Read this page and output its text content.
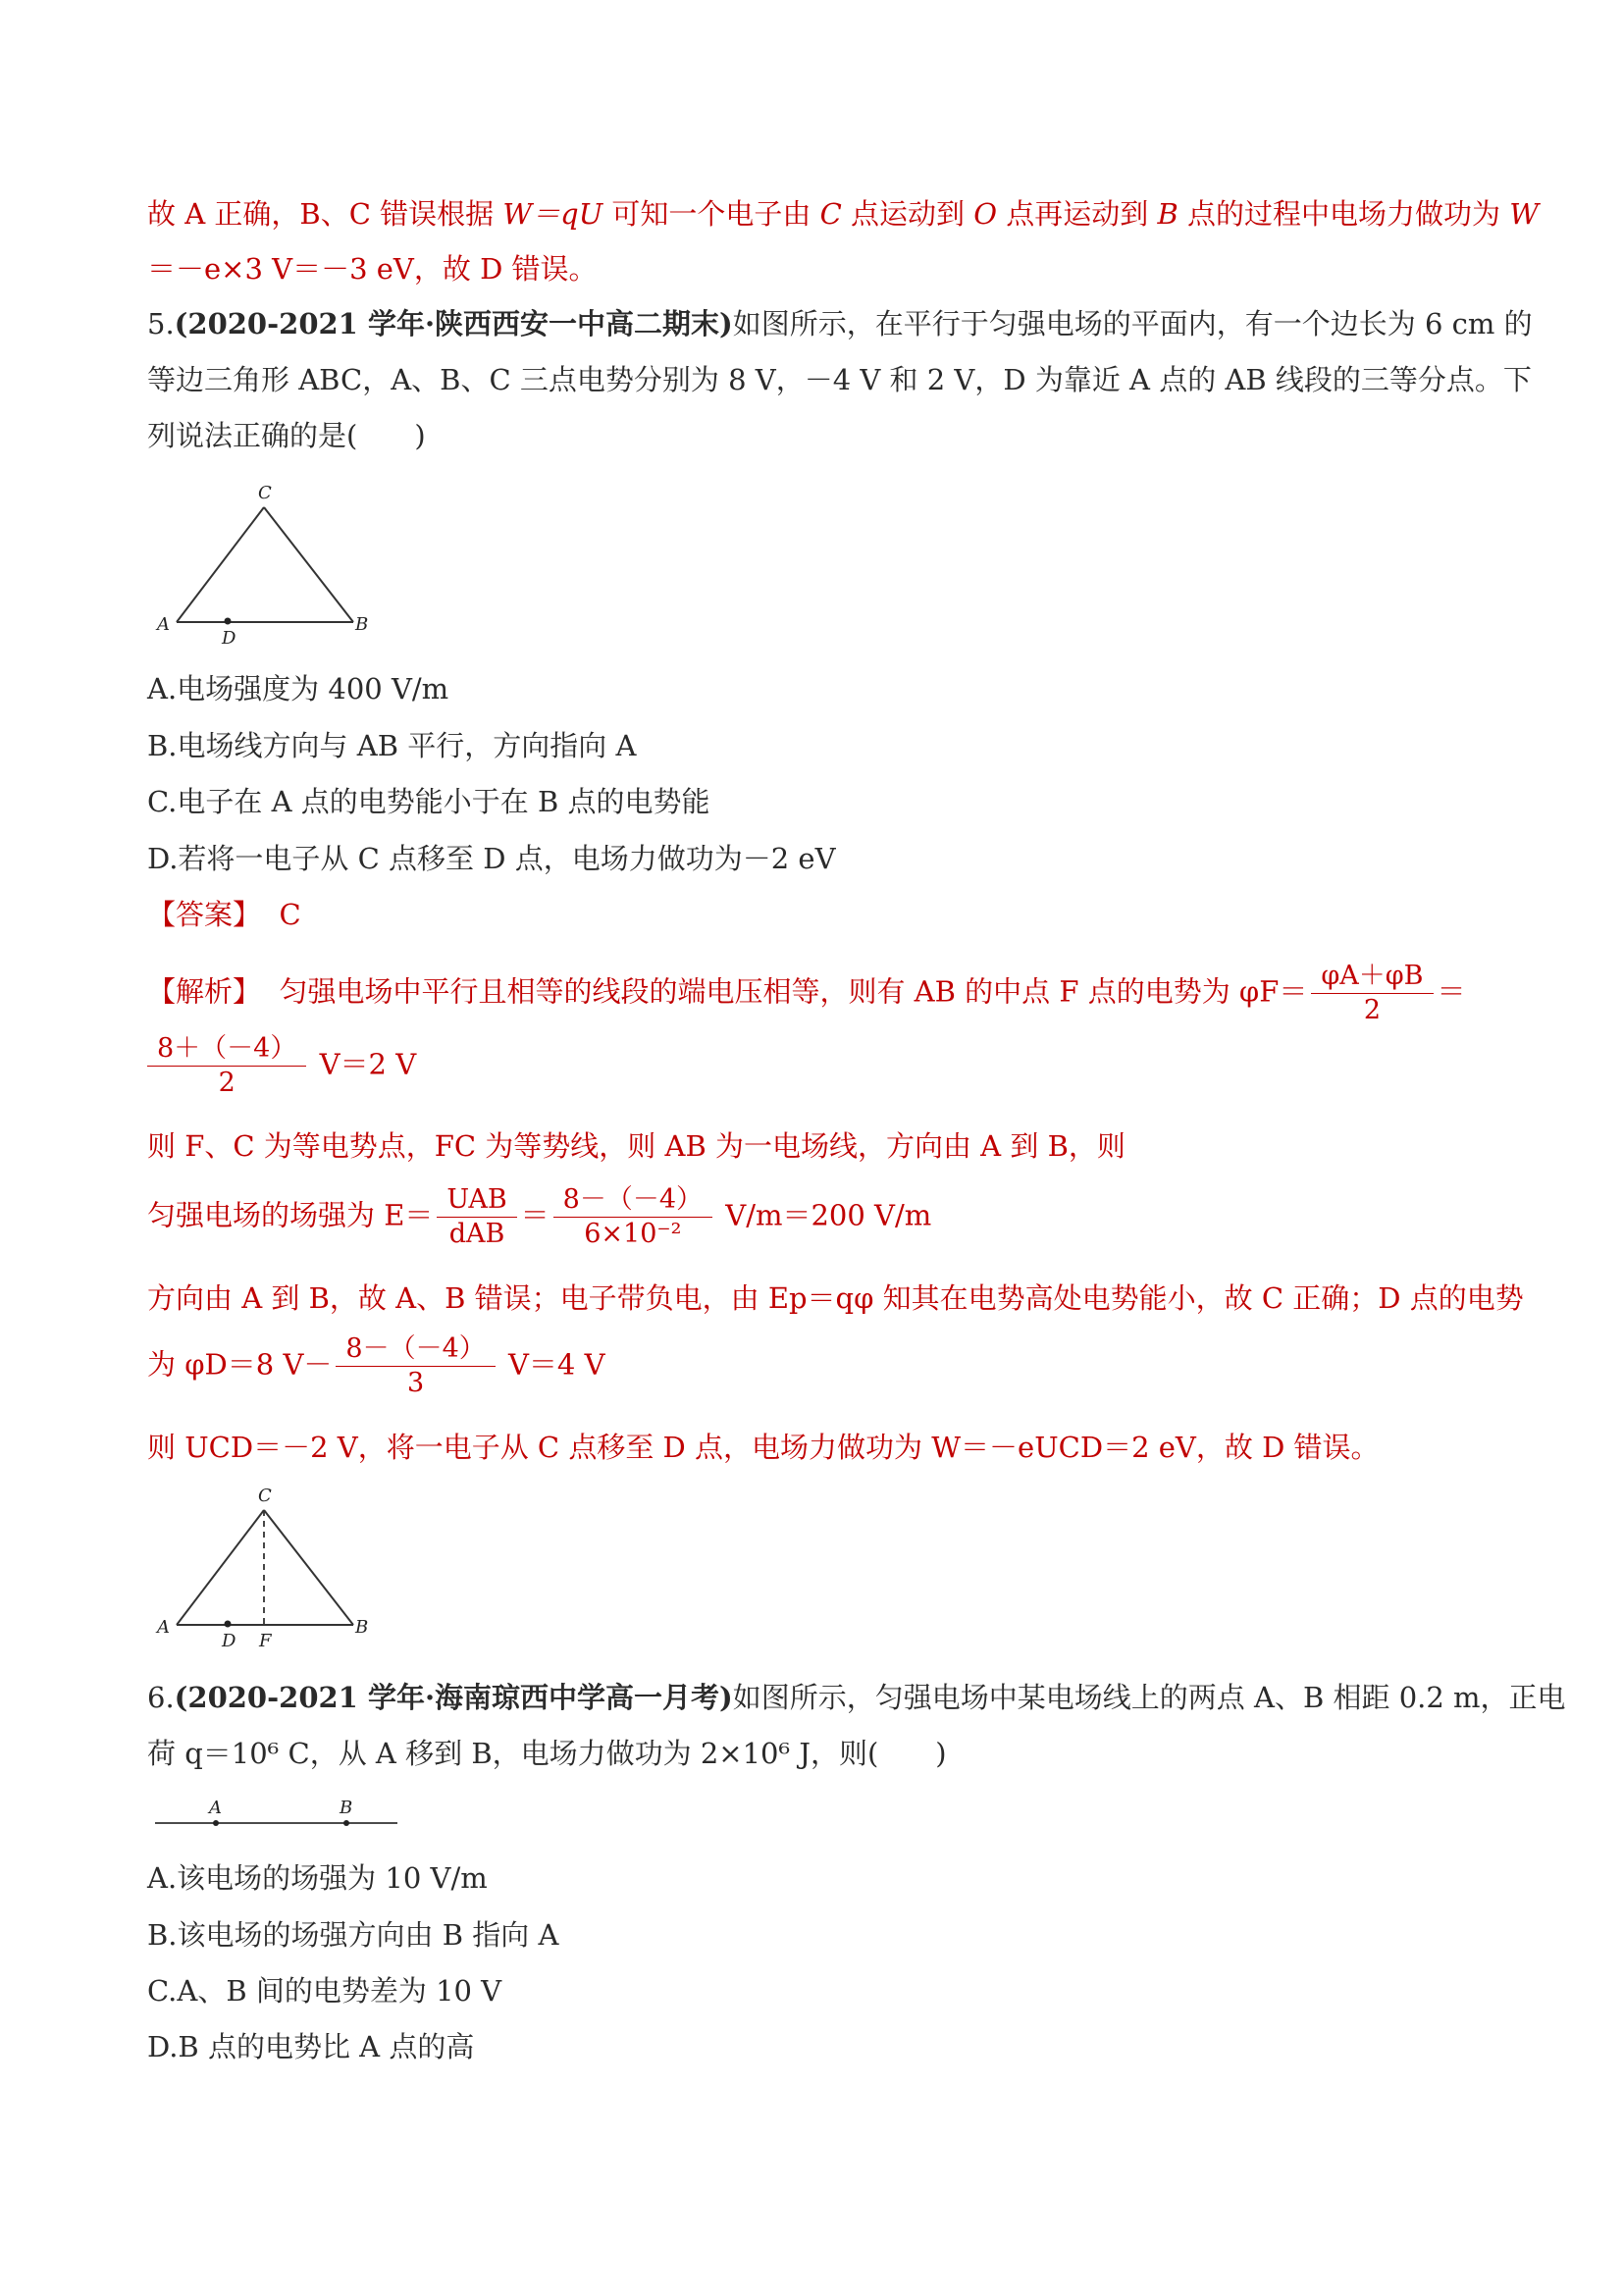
故 A 正确，B、C 错误根据 W＝qU 可知一个电子由 C 点运动到 O 点再运动到 B 点的过程中电场力做功为 W
＝－e×3 V＝－3 eV，故 D 错误。
5.(2020-2021 学年·陕西西安一中高二期末)如图所示，在平行于匀强电场的平面内，有一个边长为 6 cm 的
等边三角形 ABC，A、B、C 三点电势分别为 8 V，－4 V 和 2 V，D 为靠近 A 点的 AB 线段的三等分点。下
列说法正确的是(　　)
C
A	B
D
A.电场强度为 400 V/m
B.电场线方向与 AB 平行，方向指向 A
C.电子在 A 点的电势能小于在 B 点的电势能
D.若将一电子从 C 点移至 D 点，电场力做功为－2 eV
【答案】 C
【解析】 匀强电场中平行且相等的线段的端电压相等，则有 AB 的中点 F 点的电势为 $\varphi F= \frac{\varphi A+\varphi B}{2}$ ＝
$\frac{8+(-4)}{2} V=2$ V
则 F、C 为等电势点，FC 为等势线，则 AB 为一电场线，方向由 A 到 B，则
匀强电场的场强为 $E= \frac{\text{UAB}}{\text{dAB}} = \frac{8-(-4)}{\text{6×10⁻²}} V/m=200$ V/m
方向由 A 到 B，故 A、B 错误；电子带负电，由 Ep＝qφ 知其在电势高处电势能小，故 C 正确；D 点的电势
为 φD＝8 $V- \frac{8-(-4)}{3} V=4$ V
则 UCD＝－2 V，将一电子从 C 点移至 D 点，电场力做功为 W＝－eUCD＝2 eV，故 D 错误。
C
A	B
D F
6.(2020-2021 学年·海南琼西中学高一月考)如图所示，匀强电场中某电场线上的两点 A、B 相距 0.2 m，正电
荷 q＝10⁶ C，从 A 移到 B，电场力做功为 2×10⁶ J，则(　　)
A	B
A.该电场的场强为 10 V/m
B.该电场的场强方向由 B 指向 A
C.A、B 间的电势差为 10 V
D.B 点的电势比 A 点的高
